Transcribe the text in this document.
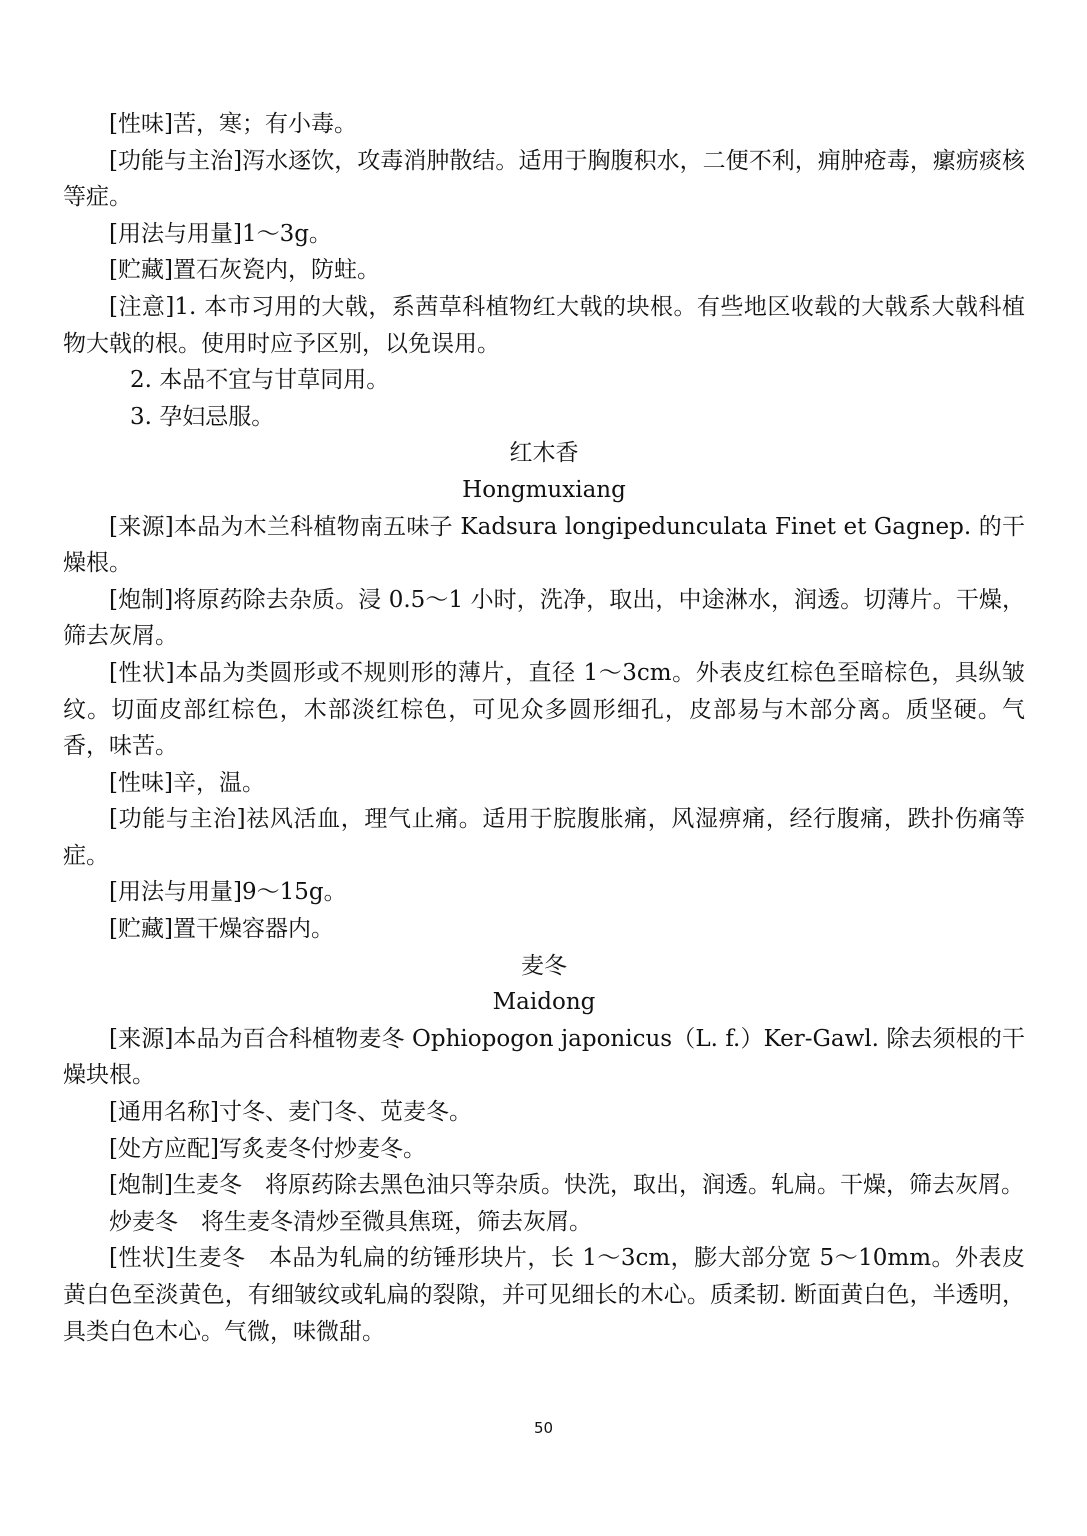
[性味]苦，寒；有小毒。

[功能与主治]泻水逐饮，攻毒消肿散结。适用于胸腹积水，二便不利，痈肿疮毒，瘰疬痰核等症。

[用法与用量]1～3g。

[贮藏]置石灰瓷内，防蛀。

[注意]1. 本市习用的大戟，系茜草科植物红大戟的块根。有些地区收载的大戟系大戟科植物大戟的根。使用时应予区别，以免误用。

2. 本品不宜与甘草同用。

3. 孕妇忌服。

红木香

Hongmuxiang

[来源]本品为木兰科植物南五味子 Kadsura longipedunculata Finet et Gagnep. 的干燥根。

[炮制]将原药除去杂质。浸 0.5～1 小时，洗净，取出，中途淋水，润透。切薄片。干燥，筛去灰屑。

[性状]本品为类圆形或不规则形的薄片，直径 1～3cm。外表皮红棕色至暗棕色，具纵皱纹。切面皮部红棕色，木部淡红棕色，可见众多圆形细孔，皮部易与木部分离。质坚硬。气香，味苦。

[性味]辛，温。

[功能与主治]祛风活血，理气止痛。适用于脘腹胀痛，风湿痹痛，经行腹痛，跌扑伤痛等症。

[用法与用量]9～15g。

[贮藏]置干燥容器内。

麦冬

Maidong

[来源]本品为百合科植物麦冬 Ophiopogon japonicus（L. f.）Ker-Gawl. 除去须根的干燥块根。

[通用名称]寸冬、麦门冬、苋麦冬。

[处方应配]写炙麦冬付炒麦冬。

[炮制]生麦冬　将原药除去黑色油只等杂质。快洗，取出，润透。轧扁。干燥，筛去灰屑。

炒麦冬　将生麦冬清炒至微具焦斑，筛去灰屑。

[性状]生麦冬　本品为轧扁的纺锤形块片，长 1～3cm，膨大部分宽 5～10mm。外表皮黄白色至淡黄色，有细皱纹或轧扁的裂隙，并可见细长的木心。质柔韧. 断面黄白色，半透明，具类白色木心。气微，味微甜。

50
